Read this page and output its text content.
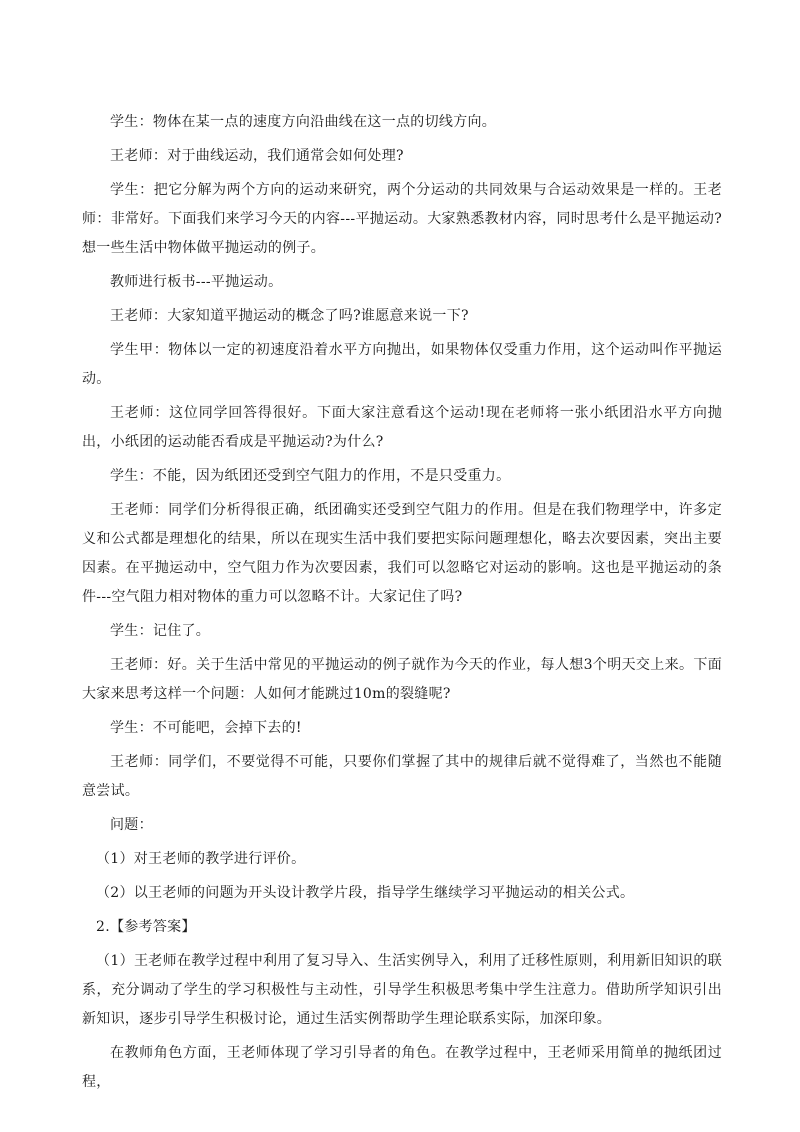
学生：物体在某一点的速度方向沿曲线在这一点的切线方向。

王老师：对于曲线运动，我们通常会如何处理?

学生：把它分解为两个方向的运动来研究，两个分运动的共同效果与合运动效果是一样的。王老师：非常好。下面我们来学习今天的内容---平抛运动。大家熟悉教材内容，同时思考什么是平抛运动?想一些生活中物体做平抛运动的例子。

教师进行板书---平抛运动。

王老师：大家知道平抛运动的概念了吗?谁愿意来说一下?

学生甲：物体以一定的初速度沿着水平方向抛出，如果物体仅受重力作用，这个运动叫作平抛运动。

王老师：这位同学回答得很好。下面大家注意看这个运动!现在老师将一张小纸团沿水平方向抛出，小纸团的运动能否看成是平抛运动?为什么?

学生：不能，因为纸团还受到空气阻力的作用，不是只受重力。

王老师：同学们分析得很正确，纸团确实还受到空气阻力的作用。但是在我们物理学中，许多定义和公式都是理想化的结果，所以在现实生活中我们要把实际问题理想化，略去次要因素，突出主要因素。在平抛运动中，空气阻力作为次要因素，我们可以忽略它对运动的影响。这也是平抛运动的条件---空气阻力相对物体的重力可以忽略不计。大家记住了吗?

学生：记住了。

王老师：好。关于生活中常见的平抛运动的例子就作为今天的作业，每人想3个明天交上来。下面大家来思考这样一个问题：人如何才能跳过10m的裂缝呢?

学生：不可能吧，会掉下去的!

王老师：同学们，不要觉得不可能，只要你们掌握了其中的规律后就不觉得难了，当然也不能随意尝试。

问题：

（1）对王老师的教学进行评价。

（2）以王老师的问题为开头设计教学片段，指导学生继续学习平抛运动的相关公式。

2.【参考答案】

（1）王老师在教学过程中利用了复习导入、生活实例导入，利用了迁移性原则，利用新旧知识的联系，充分调动了学生的学习积极性与主动性，引导学生积极思考集中学生注意力。借助所学知识引出新知识，逐步引导学生积极讨论，通过生活实例帮助学生理论联系实际，加深印象。

在教师角色方面，王老师体现了学习引导者的角色。在教学过程中，王老师采用简单的抛纸团过程，
